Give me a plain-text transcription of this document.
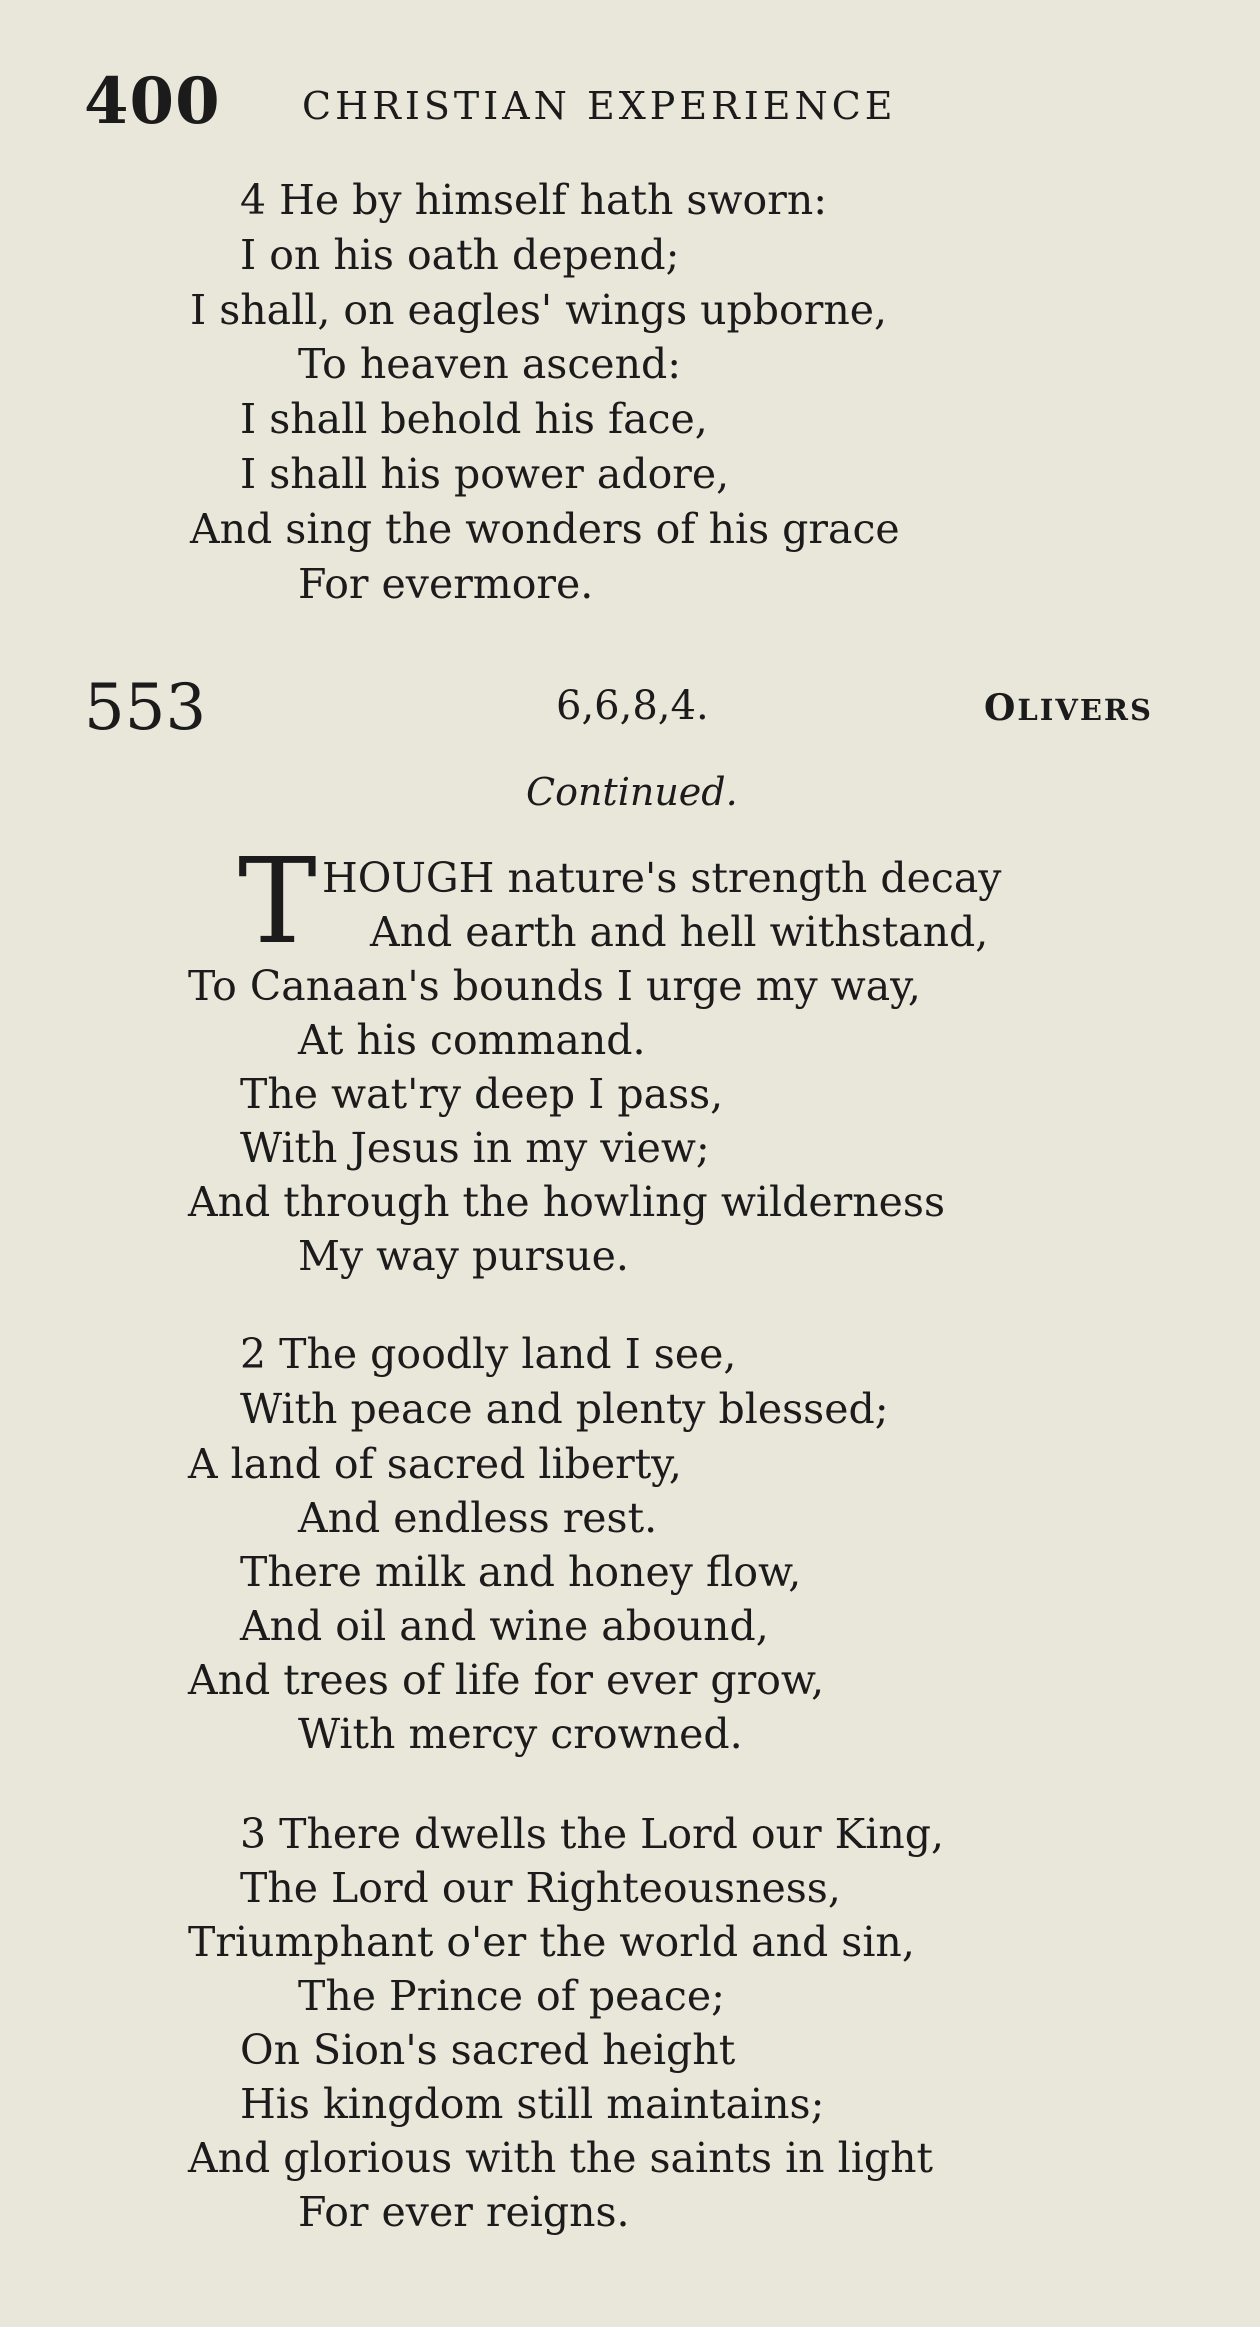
400 CHRISTIAN EXPERIENCE
4 He by himself hath sworn:
I on his oath depend;
I shall, on eagles' wings upborne,
To heaven ascend:
I shall behold his face,
I shall his power adore,
And sing the wonders of his grace
For evermore.
553	6,6,8,4.	OLIVERS
Continued.
T HOUGH nature's strength decay
And earth and hell withstand,
To Canaan's bounds I urge my way,
At his command.
The wat'ry deep I pass,
With Jesus in my view;
And through the howling wilderness
My way pursue.
2 The goodly land I see,
With peace and plenty blessed;
A land of sacred liberty,
And endless rest.
There milk and honey flow,
And oil and wine abound,
And trees of life for ever grow,
With mercy crowned.
3 There dwells the Lord our King,
The Lord our Righteousness,
Triumphant o'er the world and sin,
The Prince of peace;
On Sion's sacred height
His kingdom still maintains;
And glorious with the saints in light
For ever reigns.
